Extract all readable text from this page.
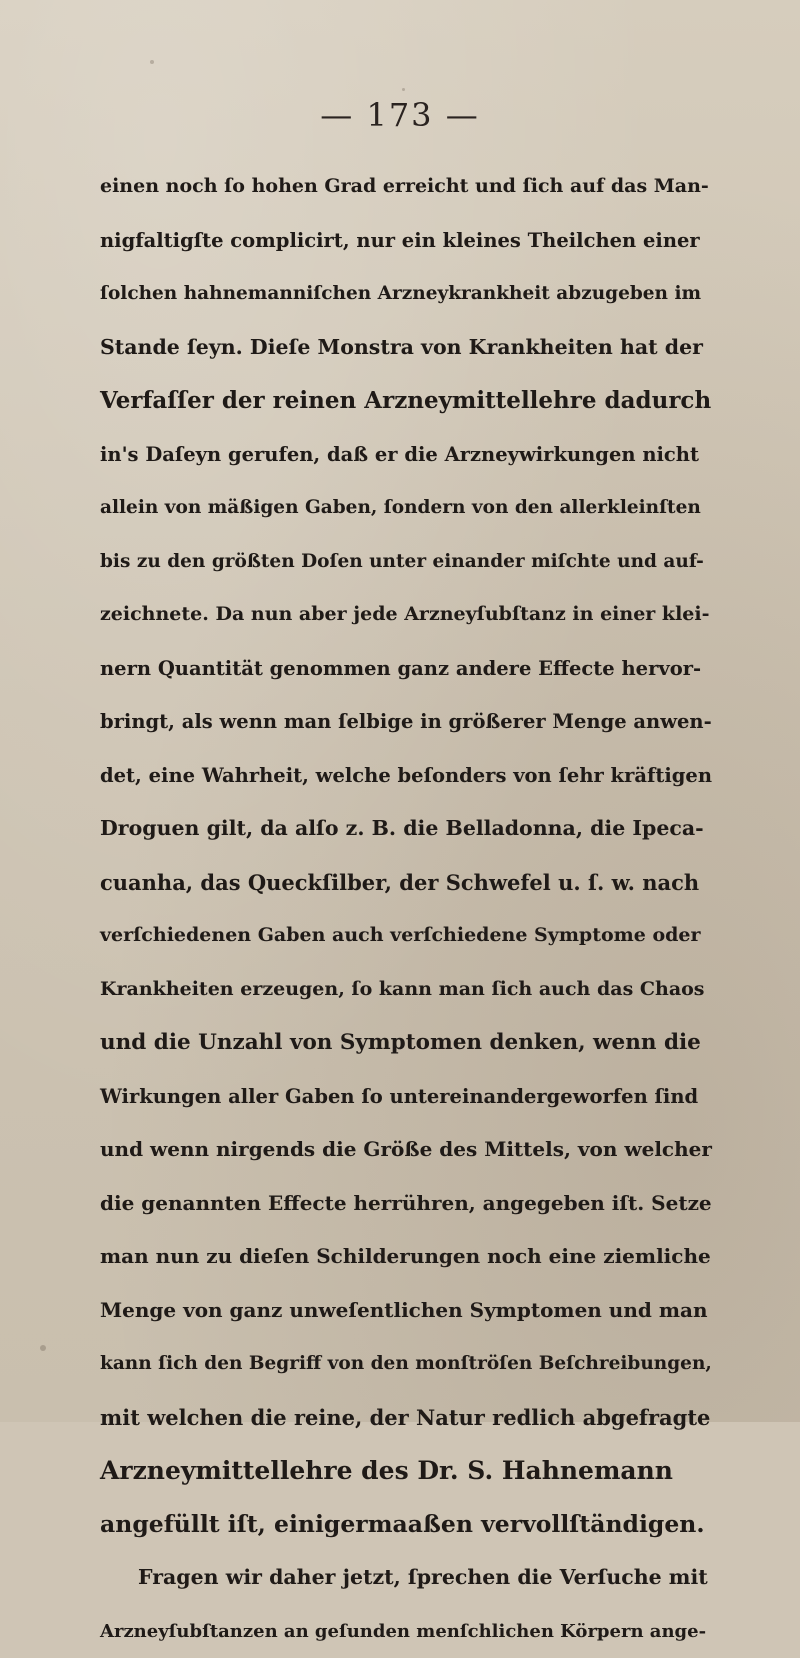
— 173 —
einen noch ſo hohen Grad erreicht und ſich auf das Man-
nigfaltigſte complicirt, nur ein kleines Theilchen einer
ſolchen hahnemanniſchen Arzneykrankheit abzugeben im
Stande ſeyn. Dieſe Monstra von Krankheiten hat der
Verfaſſer der reinen Arzneymittellehre dadurch
in's Daſeyn gerufen, daß er die Arzneywirkungen nicht
allein von mäßigen Gaben, ſondern von den allerkleinſten
bis zu den größten Doſen unter einander miſchte und auf-
zeichnete. Da nun aber jede Arzneyſubſtanz in einer klei-
nern Quantität genommen ganz andere Effecte hervor-
bringt, als wenn man ſelbige in größerer Menge anwen-
det, eine Wahrheit, welche beſonders von ſehr kräftigen
Droguen gilt, da alſo z. B. die Belladonna, die Ipeca-
cuanha, das Queckſilber, der Schwefel u. ſ. w. nach
verſchiedenen Gaben auch verſchiedene Symptome oder
Krankheiten erzeugen, ſo kann man ſich auch das Chaos
und die Unzahl von Symptomen denken, wenn die
Wirkungen aller Gaben ſo untereinandergeworfen ſind
und wenn nirgends die Größe des Mittels, von welcher
die genannten Effecte herrühren, angegeben iſt. Setze
man nun zu dieſen Schilderungen noch eine ziemliche
Menge von ganz unweſentlichen Symptomen und man
kann ſich den Begriff von den monſtröſen Beſchreibungen,
mit welchen die reine, der Natur redlich abgefragte
Arzneymittellehre des Dr. S. Hahnemann
angefüllt iſt, einigermaaßen vervollſtändigen.
Fragen wir daher jetzt, ſprechen die Verſuche mit
Arzneyſubſtanzen an geſunden menſchlichen Körpern ange-
